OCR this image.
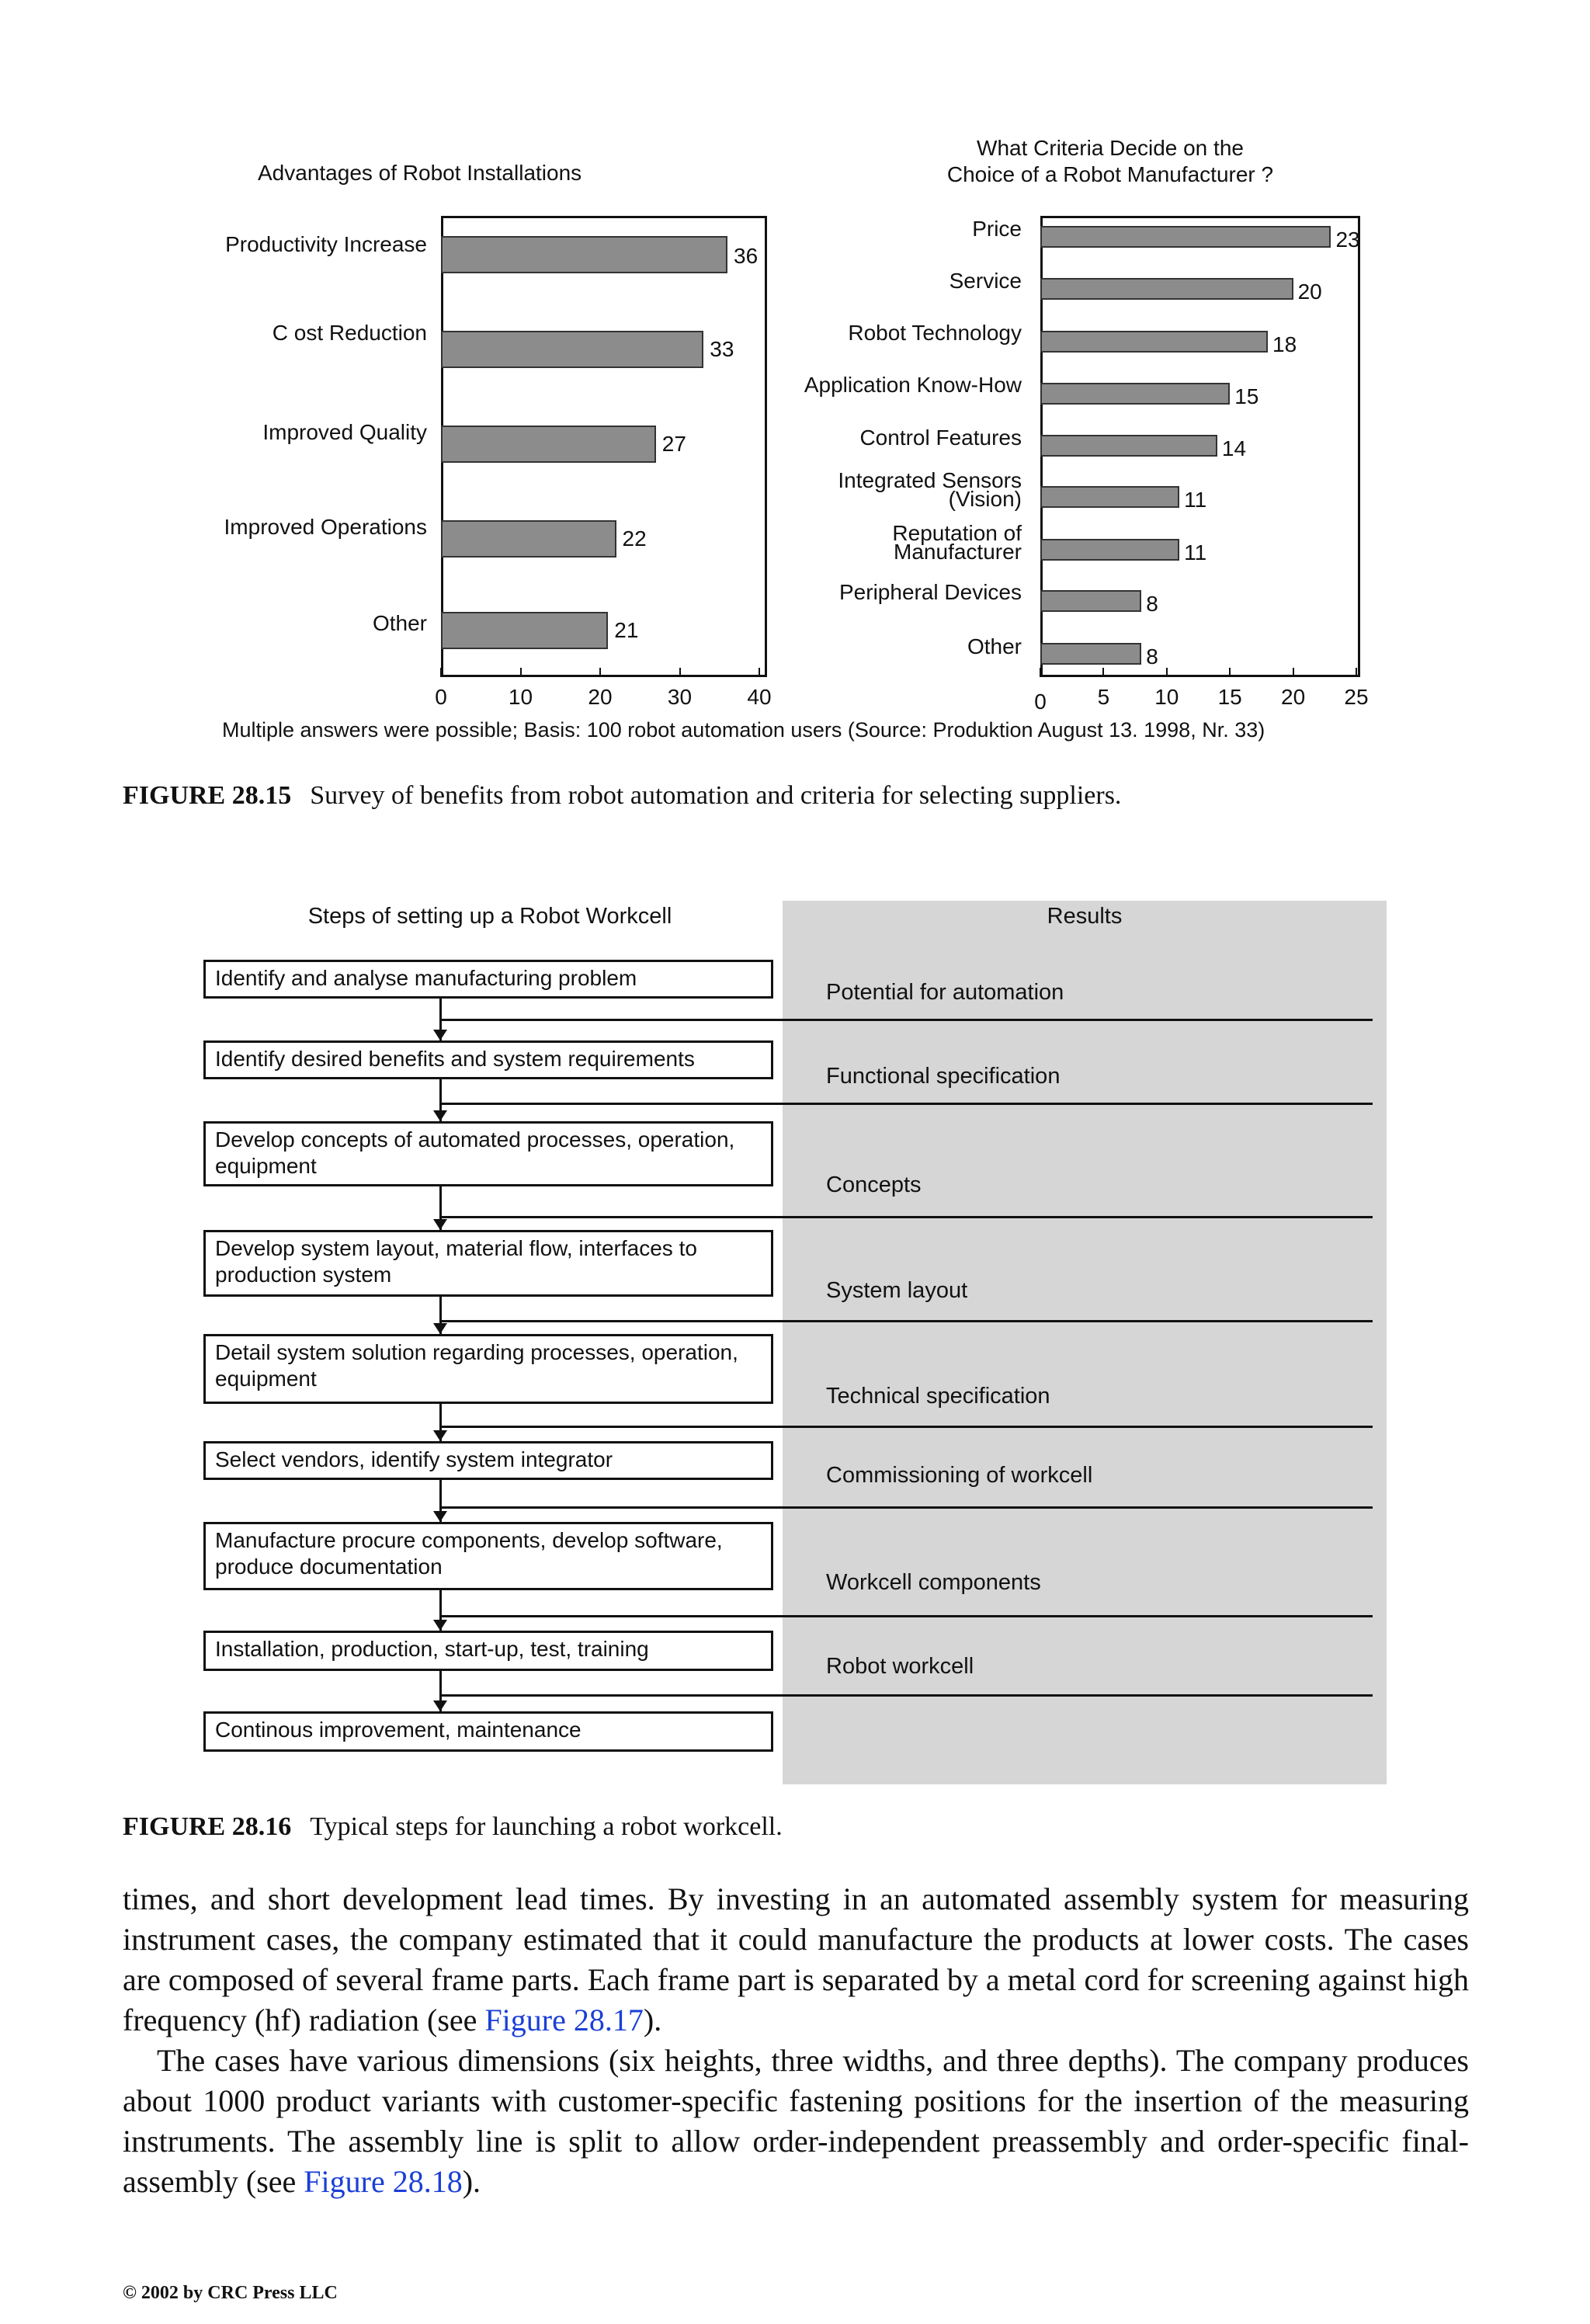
Advantages of Robot Installations
Productivity Increase	36
C ost Reduction
33
Improved Quality	27
Improved Operations	22
Other	21
0	10	20	30	40
What Criteria Decide on the
Choice of a Robot Manufacturer ?
Price	23
Service	20
Robot Technology	18
Application Know-How	15
Control Features	14
Integrated Sensors
(Vision)	11
Reputation of
Manufacturer	11
Peripheral Devices	8
Other	8
0 5 10 15 20 25
Multiple answers were possible; Basis: 100 robot automation users (Source: Produktion August 13. 1998, Nr. 33)
FIGURE 28.15 Survey of benefits from robot automation and criteria for selecting suppliers.
Steps of setting up a Robot Workcell	Results
Identify and analyse manufacturing problem
Identify desired benefits and system requirements
Develop concepts of automated processes, operation, equipment
Develop system layout, material flow, interfaces to production system
Detail system solution regarding processes, operation, equipment
Select vendors, identify system integrator
Manufacture procure components, develop software, produce documentation
Installation, production, start-up, test, training
Continous improvement, maintenance
Potential for automation
Functional specification
Concepts
System layout
Technical specification
Commissioning of workcell
Workcell components
Robot workcell
FIGURE 28.16 Typical steps for launching a robot workcell.
times, and short development lead times. By investing in an automated assembly system for measuring instrument cases, the company estimated that it could manufacture the products at lower costs. The cases are composed of several frame parts. Each frame part is separated by a metal cord for screening against high frequency (hf) radiation (see Figure 28.17).
The cases have various dimensions (six heights, three widths, and three depths). The company produces about 1000 product variants with customer-specific fastening positions for the insertion of the measuring instruments. The assembly line is split to allow order-independent preassembly and order-specific final-assembly (see Figure 28.18).
© 2002 by CRC Press LLC
